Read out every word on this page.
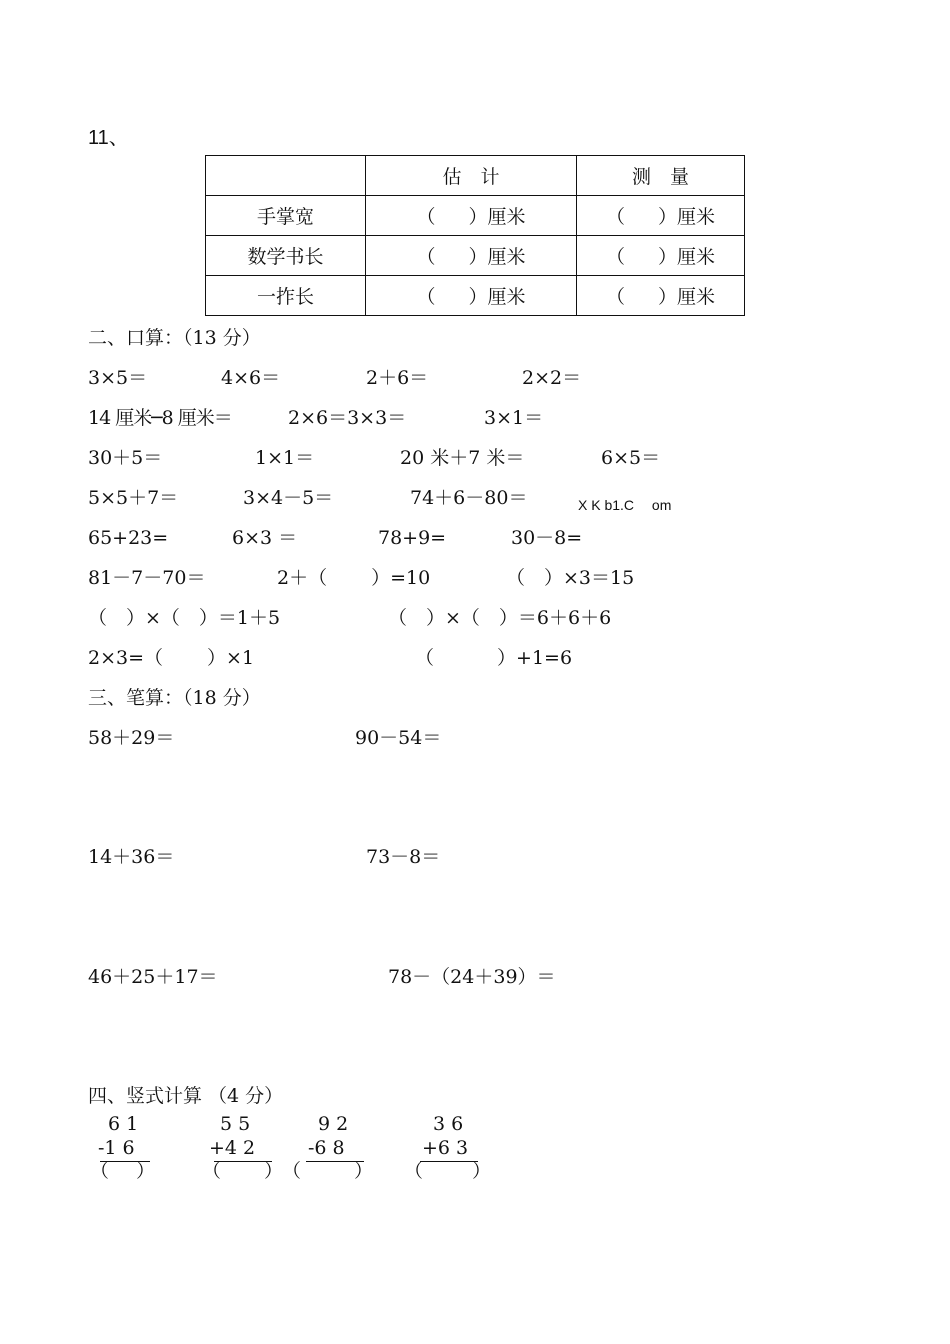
11、
	估　计	测　量
手掌宽	（ ）厘米	（ ）厘米
数学书长	（ ）厘米	（ ）厘米
一拃长	（ ）厘米	（ ）厘米
二、口算：（13 分）
3×5＝	4×6＝	2＋6＝	2×2＝
14 厘米─8 厘米＝	2×6＝3×3＝	3×1＝
30＋5＝	1×1＝	20 米＋7 米＝	6×5＝
5×5＋7＝	3×4－5＝	74＋6－80＝	X K b1.C　 om
65+23=	6×3 ＝	78+9=	30－8=
81－7－70＝	2＋（　　 ）=10	（　）×3＝15
（　）×（　）＝1＋5	（　）×（　）＝6＋6＋6
2×3=（　　 ）×1	（　　　 ）+1=6
三、笔算：（18 分）
58＋29＝	90－54＝
14＋36＝	73－8＝
46＋25＋17＝	78－（24＋39）＝
四、竖式计算 （4 分）
6 1
-1 6
（ ）
5 5
+4 2
（ ）
9 2
-6 8
（	）
3 6
+6 3
（	）
